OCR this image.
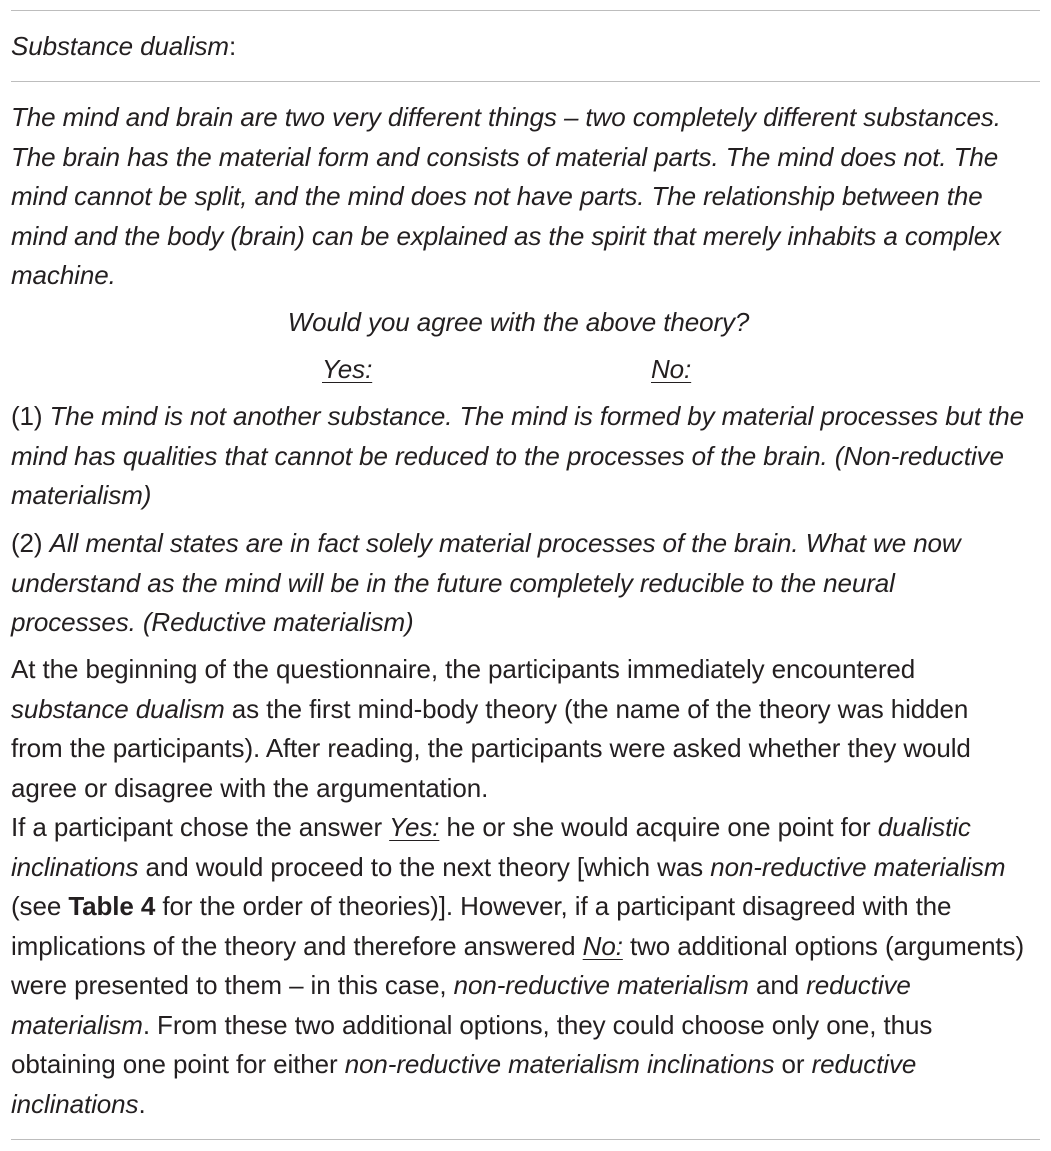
Substance dualism:

The mind and brain are two very different things – two completely different substances. The brain has the material form and consists of material parts. The mind does not. The mind cannot be split, and the mind does not have parts. The relationship between the mind and the body (brain) can be explained as the spirit that merely inhabits a complex machine.

Would you agree with the above theory?

Yes:	No:

(1) The mind is not another substance. The mind is formed by material processes but the mind has qualities that cannot be reduced to the processes of the brain. (Non-reductive materialism)

(2) All mental states are in fact solely material processes of the brain. What we now understand as the mind will be in the future completely reducible to the neural processes. (Reductive materialism)

At the beginning of the questionnaire, the participants immediately encountered substance dualism as the first mind-body theory (the name of the theory was hidden from the participants). After reading, the participants were asked whether they would agree or disagree with the argumentation.
If a participant chose the answer Yes: he or she would acquire one point for dualistic inclinations and would proceed to the next theory [which was non-reductive materialism (see Table 4 for the order of theories)]. However, if a participant disagreed with the implications of the theory and therefore answered No: two additional options (arguments) were presented to them – in this case, non-reductive materialism and reductive materialism. From these two additional options, they could choose only one, thus obtaining one point for either non-reductive materialism inclinations or reductive inclinations.
